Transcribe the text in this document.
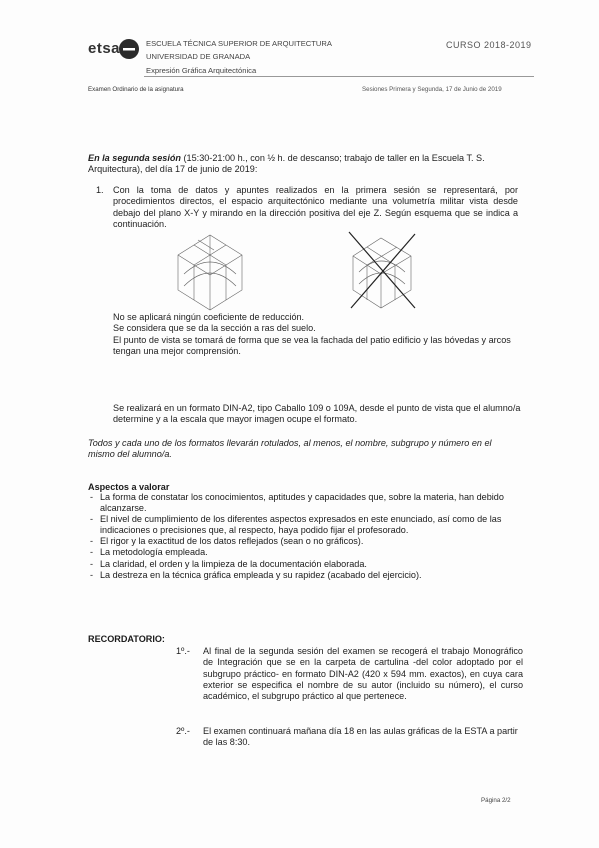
etsa	ESCUELA TÉCNICA SUPERIOR DE ARQUITECTURA
UNIVERSIDAD DE GRANADA
Expresión Gráfica Arquitectónica
CURSO 2018-2019
Examen Ordinario de la asignatura	Sesiones Primera y Segunda, 17 de Junio de 2019
En la segunda sesión (15:30-21:00 h., con ½ h. de descanso; trabajo de taller en la Escuela T. S. Arquitectura), del día 17 de junio de 2019:
1. Con la toma de datos y apuntes realizados en la primera sesión se representará, por procedimientos directos, el espacio arquitectónico mediante una volumetría militar vista desde debajo del plano X-Y y mirando en la dirección positiva del eje Z. Según esquema que se indica a continuación.
No se aplicará ningún coeficiente de reducción.
Se considera que se da la sección a ras del suelo.
El punto de vista se tomará de forma que se vea la fachada del patio edificio y las bóvedas y arcos tengan una mejor comprensión.
Se realizará en un formato DIN-A2, tipo Caballo 109 o 109A, desde el punto de vista que el alumno/a determine y a la escala que mayor imagen ocupe el formato.
Todos y cada uno de los formatos llevarán rotulados, al menos, el nombre, subgrupo y número en el mismo del alumno/a.
Aspectos a valorar
- La forma de constatar los conocimientos, aptitudes y capacidades que, sobre la materia, han debido alcanzarse.
- El nivel de cumplimiento de los diferentes aspectos expresados en este enunciado, así como de las indicaciones o precisiones que, al respecto, haya podido fijar el profesorado.
- El rigor y la exactitud de los datos reflejados (sean o no gráficos).
- La metodología empleada.
- La claridad, el orden y la limpieza de la documentación elaborada.
- La destreza en la técnica gráfica empleada y su rapidez (acabado del ejercicio).
RECORDATORIO:
1º.- Al final de la segunda sesión del examen se recogerá el trabajo Monográfico de Integración que se en la carpeta de cartulina -del color adoptado por el subgrupo práctico- en formato DIN-A2 (420 x 594 mm. exactos), en cuya cara exterior se especifica el nombre de su autor (incluido su número), el curso académico, el subgrupo práctico al que pertenece.
2º.- El examen continuará mañana día 18 en las aulas gráficas de la ESTA a partir de las 8:30.
Página 2/2
